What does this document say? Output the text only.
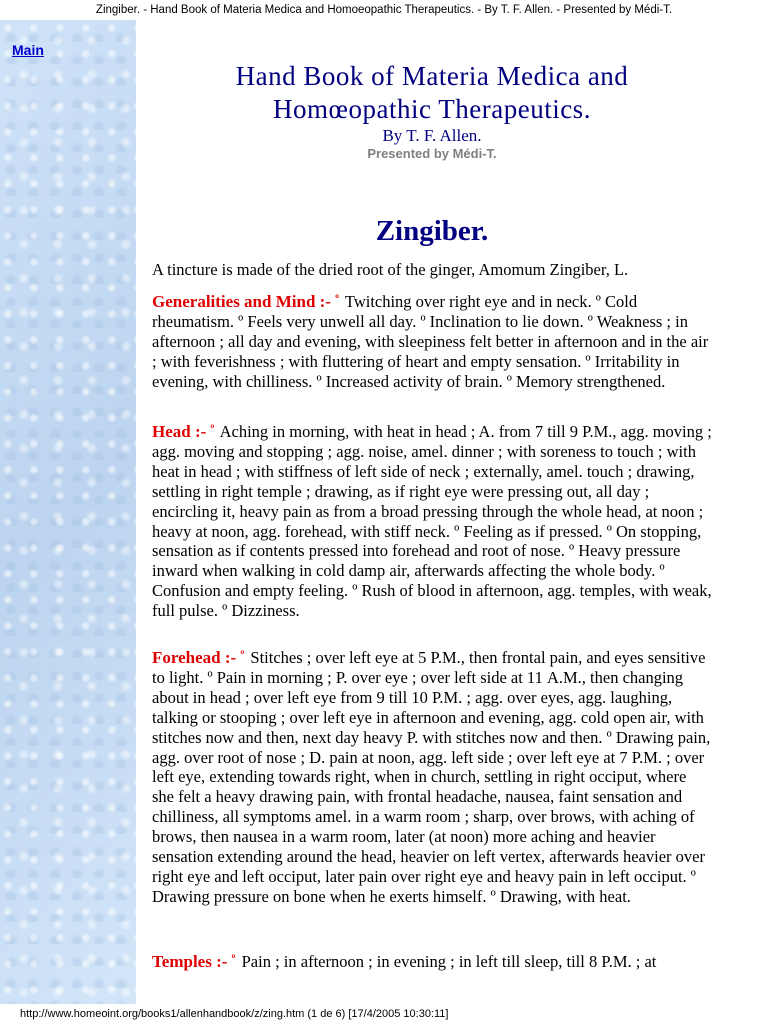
Zingiber. - Hand Book of Materia Medica and Homoeopathic Therapeutics. - By T. F. Allen. - Presented by Médi-T.
Main
Hand Book of Materia Medica and
Homœopathic Therapeutics.
By T. F. Allen.
Presented by Médi-T.
Zingiber.

A tincture is made of the dried root of the ginger, Amomum Zingiber, L.

Generalities and Mind :- $^º$ Twitching over right eye and in neck. º Cold rheumatism. º Feels very unwell all day. º Inclination to lie down. º Weakness ; in afternoon ; all day and evening, with sleepiness felt better in afternoon and in the air ; with feverishness ; with fluttering of heart and empty sensation. º Irritability in evening, with chilliness. º Increased activity of brain. º Memory strengthened.

Head :- $^º$ Aching in morning, with heat in head ; A. from 7 till 9 P.M., agg. moving ; agg. moving and stopping ; agg. noise, amel. dinner ; with soreness to touch ; with heat in head ; with stiffness of left side of neck ; externally, amel. touch ; drawing, settling in right temple ; drawing, as if right eye were pressing out, all day ; encircling it, heavy pain as from a broad pressing through the whole head, at noon ; heavy at noon, agg. forehead, with stiff neck. º Feeling as if pressed. º On stopping, sensation as if contents pressed into forehead and root of nose. º Heavy pressure inward when walking in cold damp air, afterwards affecting the whole body. º Confusion and empty feeling. º Rush of blood in afternoon, agg. temples, with weak, full pulse. º Dizziness.

Forehead :- $^º$ Stitches ; over left eye at 5 P.M., then frontal pain, and eyes sensitive to light. º Pain in morning ; P. over eye ; over left side at 11 A.M., then changing about in head ; over left eye from 9 till 10 P.M. ; agg. over eyes, agg. laughing, talking or stooping ; over left eye in afternoon and evening, agg. cold open air, with stitches now and then, next day heavy P. with stitches now and then. º Drawing pain, agg. over root of nose ; D. pain at noon, agg. left side ; over left eye at 7 P.M. ; over left eye, extending towards right, when in church, settling in right occiput, where she felt a heavy drawing pain, with frontal headache, nausea, faint sensation and chilliness, all symptoms amel. in a warm room ; sharp, over brows, with aching of brows, then nausea in a warm room, later (at noon) more aching and heavier sensation extending around the head, heavier on left vertex, afterwards heavier over right eye and left occiput, later pain over right eye and heavy pain in left occiput. º Drawing pressure on bone when he exerts himself. º Drawing, with heat.

Temples :- $^º$ Pain ; in afternoon ; in evening ; in left till sleep, till 8 P.M. ; at

http://www.homeoint.org/books1/allenhandbook/z/zing.htm (1 de 6) [17/4/2005 10:30:11]
